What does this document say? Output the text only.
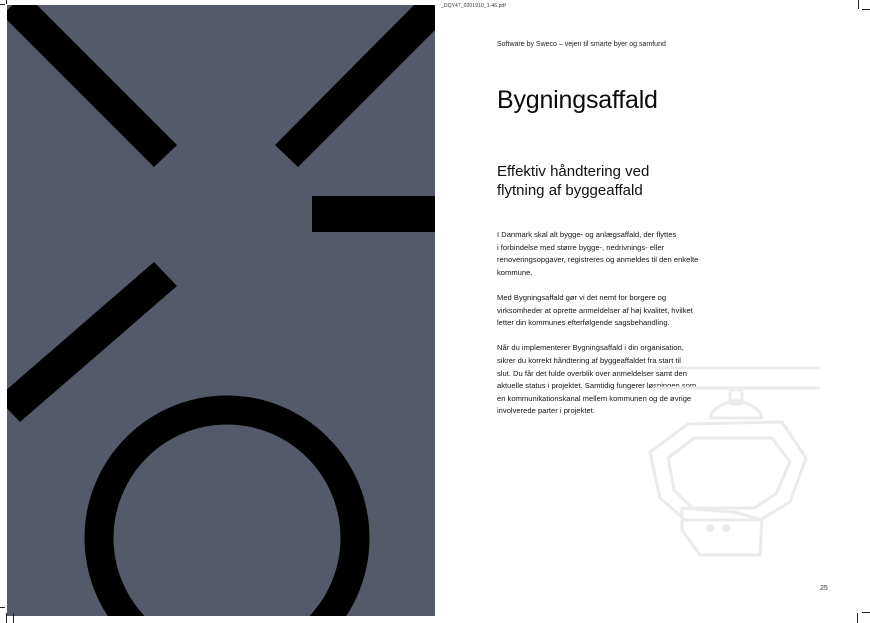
_DQY47_0201910_1-46.pdf
Software by Sweco – vejen til smarte byer og samfund
Bygningsaffald
Effektiv håndtering ved
flytning af byggeaffald

I Danmark skal alt bygge- og anlægsaffald, der flyttes
i forbindelse med større bygge-, nedrivnings- eller
renoveringsopgaver, registreres og anmeldes til den enkelte
kommune.

Med Bygningsaffald gør vi det nemt for borgere og
virksomheder at oprette anmeldelser af høj kvalitet, hvilket
letter din kommunes efterfølgende sagsbehandling.

Når du implementerer Bygningsaffald i din organisation,
sikrer du korrekt håndtering af byggeaffaldet fra start til
slut. Du får det fulde overblik over anmeldelser samt den
aktuelle status i projektet. Samtidig fungerer løsningen som
en kommunikationskanal mellem kommunen og de øvrige
involverede parter i projektet.

25
